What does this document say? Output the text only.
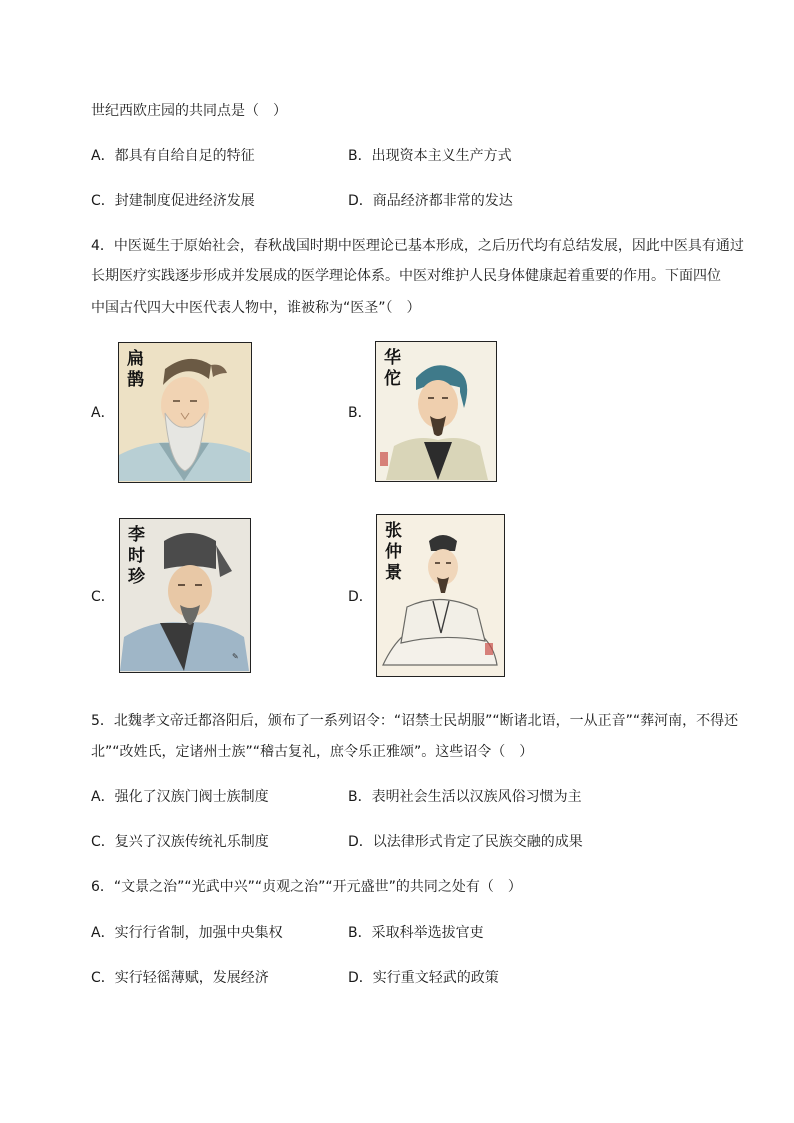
世纪西欧庄园的共同点是（　）
A．都具有自给自足的特征	B．出现资本主义生产方式
C．封建制度促进经济发展	D．商品经济都非常的发达
4．中医诞生于原始社会，春秋战国时期中医理论已基本形成，之后历代均有总结发展，因此中医具有通过
长期医疗实践逐步形成并发展成的医学理论体系。中医对维护人民身体健康起着重要的作用。下面四位
中国古代四大中医代表人物中，谁被称为“医圣”（　）
A．
扁鹊
B．
华佗
C．
✎
李时珍
D．
张仲景
5．北魏孝文帝迁都洛阳后，颁布了一系列诏令：“诏禁士民胡服”“断诸北语，一从正音”“葬河南，不得还
北”“改姓氏，定诸州士族”“稽古复礼，庶令乐正雅颂”。这些诏令（　）
A．强化了汉族门阀士族制度	B．表明社会生活以汉族风俗习惯为主
C．复兴了汉族传统礼乐制度	D．以法律形式肯定了民族交融的成果
6．“文景之治”“光武中兴”“贞观之治”“开元盛世”的共同之处有（　）
A．实行行省制，加强中央集权	B．采取科举选拔官吏
C．实行轻徭薄赋，发展经济	D．实行重文轻武的政策
